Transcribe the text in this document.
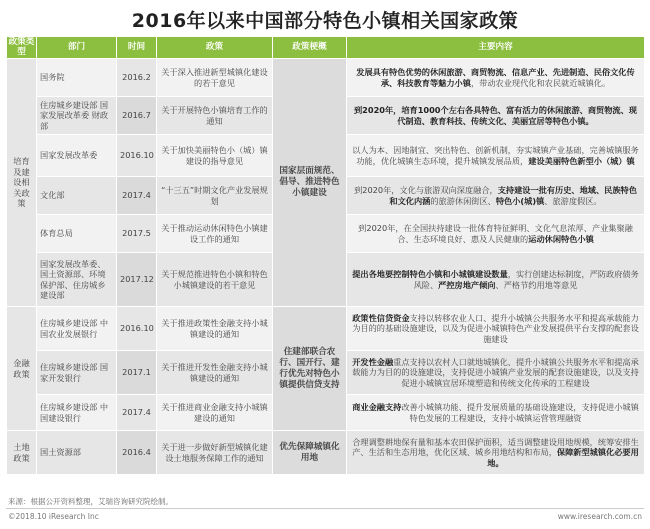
2016年以来中国部分特色小镇相关国家政策
政策类型	部门	时间	政策	政策梗概	主要内容
培育及建设相关政策	国务院	2016.2	关于深入推进新型城镇化建设的若干意见	国家层面规范、倡导、推进特色小镇建设	发展具有特色优势的休闲旅游、商贸物流、信息产业、先进制造、民俗文化传承、科技教育等魅力小镇，带动农业现代化和农民就近城镇化。
	住房城乡建设部 国家发展改革委 财政部	2016.7	关于开展特色小镇培育工作的通知		到2020年，培育1000个左右各具特色、富有活力的休闲旅游、商贸物流、现代制造、教育科技、传统文化、美丽宜居等特色小镇。
	国家发展改革委	2016.10	关于加快美丽特色小（城）镇建设的指导意见		以人为本、因地制宜、突出特色、创新机制，夯实城镇产业基础，完善城镇服务功能，优化城镇生态环境，提升城镇发展品质，建设美丽特色新型小（城）镇
	文化部	2017.4	“十三五”时期文化产业发展规划		到2020年，文化与旅游双向深度融合，支持建设一批有历史、地域、民族特色和文化内涵的旅游休闲街区、特色小(城)镇、旅游度假区。
	体育总局	2017.5	关于推动运动休闲特色小镇建设工作的通知		到2020年，在全国扶持建设一批体育特征鲜明、文化气息浓厚、产业集聚融合、生态环境良好、惠及人民健康的运动休闲特色小镇
	国家发展改革委、国土资源部、环境保护部、住房城乡建设部	2017.12	关于规范推进特色小镇和特色小城镇建设的若干意见		提出各地要控制特色小镇和小城镇建设数量，实行创建达标制度，严防政府债务风险、严控房地产倾向、严格节约用地等意见
金融政策	住房城乡建设部 中国农业发展银行	2016.10	关于推进政策性金融支持小城镇建设的通知	住建部联合农行、国开行、建行优先对特色小镇提供信贷支持	政策性信贷资金支持以转移农业人口、提升小城镇公共服务水平和提高承载能力为目的的基础设施建设，以及为促进小城镇特色产业发展提供平台支撑的配套设施建设
	住房城乡建设部 国家开发银行	2017.1	关于推进开发性金融支持小城镇建设的通知		开发性金融重点支持以农村人口就地城镇化、提升小城镇公共服务水平和提高承载能力为目的的设施建设，支持促进小城镇产业发展的配套设施建设，以及支持促进小城镇宜居环境塑造和传统文化传承的工程建设
	住房城乡建设部 中国建设银行	2017.4	关于推进商业金融支持小城镇建设的通知		商业金融支持改善小城镇功能、提升发展质量的基础设施建设，支持促进小城镇特色发展的工程建设，支持小城镇运营管理融资
土地政策	国土资源部	2016.4	关于进一步做好新型城镇化建设土地服务保障工作的通知	优先保障城镇化用地	合理调整耕地保有量和基本农田保护面积，适当调整建设用地规模，统筹安排生产、生活和生态用地，优化区域、城乡用地结构和布局，保障新型城镇化必要用地。
来源：根据公开资料整理，艾瑞咨询研究院绘制。
©2018.10 iResearch Inc	www.iresearch.com.cn
